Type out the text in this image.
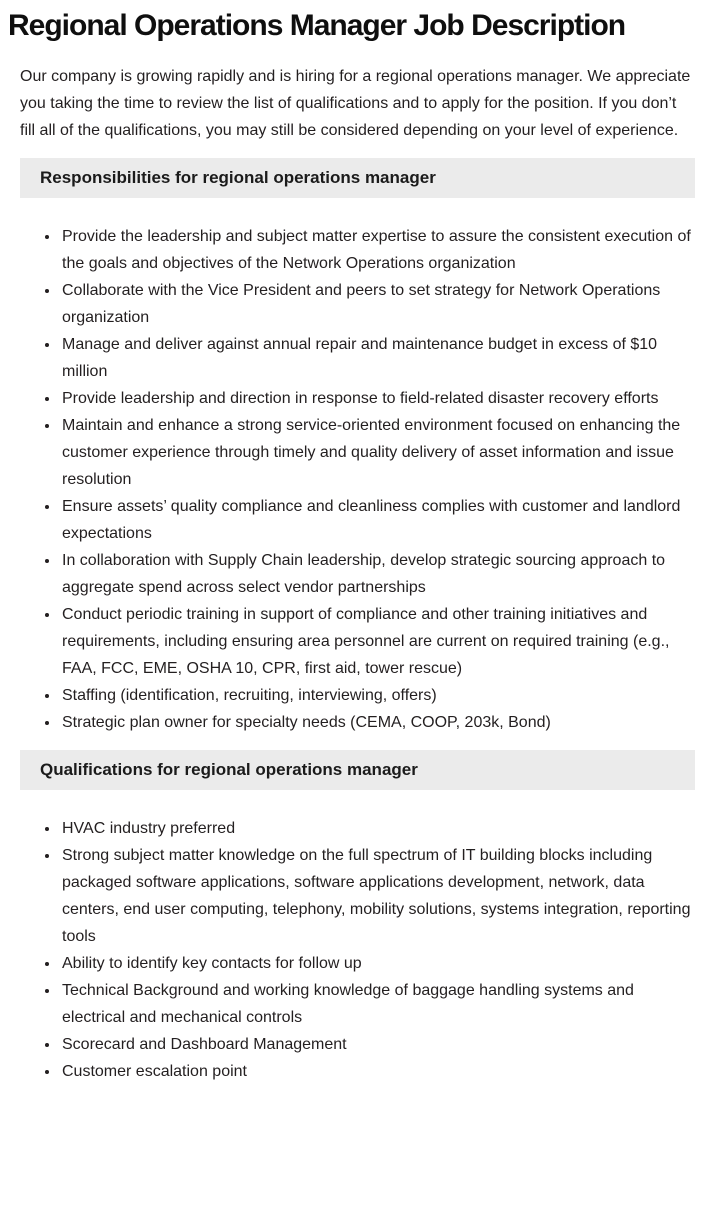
Regional Operations Manager Job Description

Our company is growing rapidly and is hiring for a regional operations manager. We appreciate you taking the time to review the list of qualifications and to apply for the position. If you don’t fill all of the qualifications, you may still be considered depending on your level of experience.

Responsibilities for regional operations manager
• Provide the leadership and subject matter expertise to assure the consistent execution of the goals and objectives of the Network Operations organization
• Collaborate with the Vice President and peers to set strategy for Network Operations organization
• Manage and deliver against annual repair and maintenance budget in excess of $10 million
• Provide leadership and direction in response to field-related disaster recovery efforts
• Maintain and enhance a strong service-oriented environment focused on enhancing the customer experience through timely and quality delivery of asset information and issue resolution
• Ensure assets’ quality compliance and cleanliness complies with customer and landlord expectations
• In collaboration with Supply Chain leadership, develop strategic sourcing approach to aggregate spend across select vendor partnerships
• Conduct periodic training in support of compliance and other training initiatives and requirements, including ensuring area personnel are current on required training (e.g., FAA, FCC, EME, OSHA 10, CPR, first aid, tower rescue)
• Staffing (identification, recruiting, interviewing, offers)
• Strategic plan owner for specialty needs (CEMA, COOP, 203k, Bond)
Qualifications for regional operations manager
• HVAC industry preferred
• Strong subject matter knowledge on the full spectrum of IT building blocks including packaged software applications, software applications development, network, data centers, end user computing, telephony, mobility solutions, systems integration, reporting tools
• Ability to identify key contacts for follow up
• Technical Background and working knowledge of baggage handling systems and electrical and mechanical controls
• Scorecard and Dashboard Management
• Customer escalation point
